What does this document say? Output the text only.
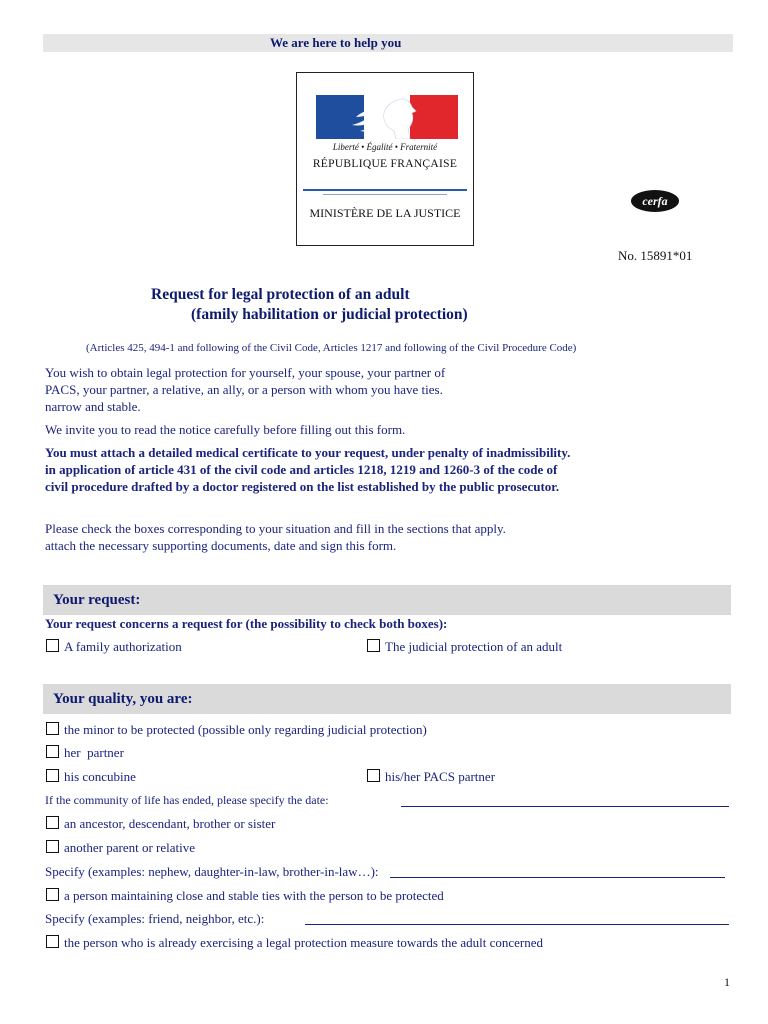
We are here to help you
Liberté • Égalité • Fraternité
RÉPUBLIQUE FRANÇAISE
MINISTÈRE DE LA JUSTICE
cerfa
No. 15891*01
Request for legal protection of an adult
(family habilitation or judicial protection)
(Articles 425, 494-1 and following of the Civil Code, Articles 1217 and following of the Civil Procedure Code)
You wish to obtain legal protection for yourself, your spouse, your partner of
PACS, your partner, a relative, an ally, or a person with whom you have ties.
narrow and stable.
We invite you to read the notice carefully before filling out this form.
You must attach a detailed medical certificate to your request, under penalty of inadmissibility.
in application of article 431 of the civil code and articles 1218, 1219 and 1260-3 of the code of
civil procedure drafted by a doctor registered on the list established by the public prosecutor.
Please check the boxes corresponding to your situation and fill in the sections that apply.
attach the necessary supporting documents, date and sign this form.
Your request:
Your request concerns a request for (the possibility to check both boxes):
A family authorization	The judicial protection of an adult
Your quality, you are:
the minor to be protected (possible only regarding judicial protection)
her  partner
his concubine	his/her PACS partner
If the community of life has ended, please specify the date:
an ancestor, descendant, brother or sister
another parent or relative
Specify (examples: nephew, daughter-in-law, brother-in-law…):
a person maintaining close and stable ties with the person to be protected
Specify (examples: friend, neighbor, etc.):
the person who is already exercising a legal protection measure towards the adult concerned
1
